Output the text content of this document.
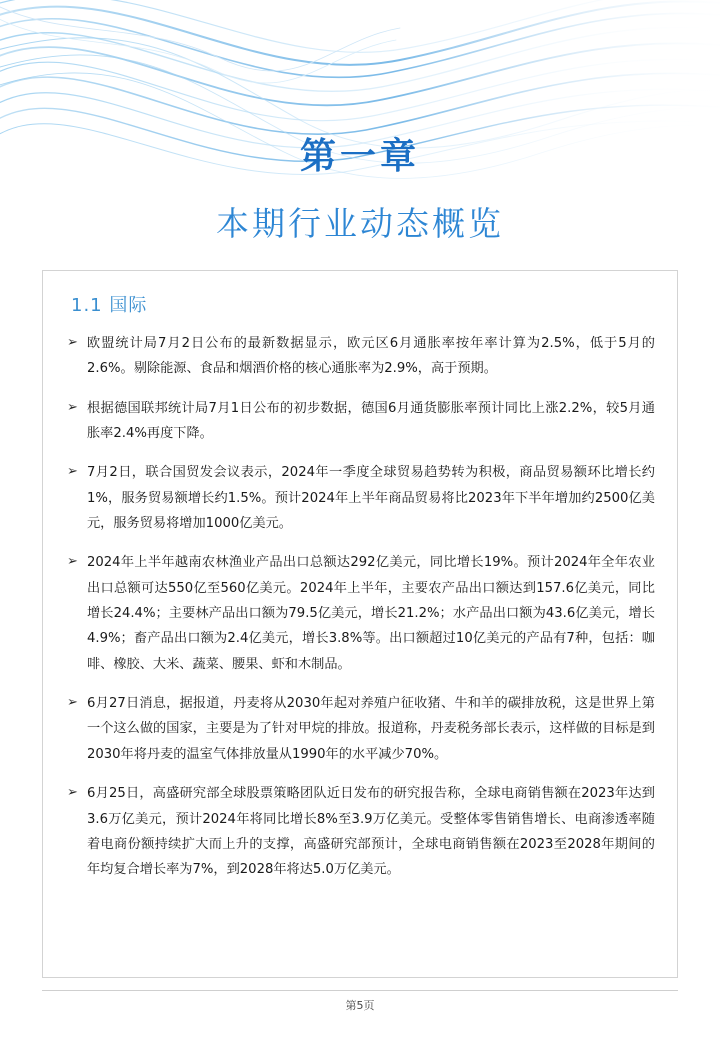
第一章
本期行业动态概览
1.1 国际
➢ 欧盟统计局7月2日公布的最新数据显示，欧元区6月通胀率按年率计算为2.5%，低于5月的2.6%。剔除能源、食品和烟酒价格的核心通胀率为2.9%，高于预期。
➢ 根据德国联邦统计局7月1日公布的初步数据，德国6月通货膨胀率预计同比上涨2.2%，较5月通胀率2.4%再度下降。
➢ 7月2日，联合国贸发会议表示，2024年一季度全球贸易趋势转为积极，商品贸易额环比增长约1%，服务贸易额增长约1.5%。预计2024年上半年商品贸易将比2023年下半年增加约2500亿美元，服务贸易将增加1000亿美元。
➢ 2024年上半年越南农林渔业产品出口总额达292亿美元，同比增长19%。预计2024年全年农业出口总额可达550亿至560亿美元。2024年上半年，主要农产品出口额达到157.6亿美元，同比增长24.4%；主要林产品出口额为79.5亿美元，增长21.2%；水产品出口额为43.6亿美元，增长4.9%；畜产品出口额为2.4亿美元，增长3.8%等。出口额超过10亿美元的产品有7种，包括：咖啡、橡胶、大米、蔬菜、腰果、虾和木制品。
➢ 6月27日消息，据报道，丹麦将从2030年起对养殖户征收猪、牛和羊的碳排放税，这是世界上第一个这么做的国家，主要是为了针对甲烷的排放。报道称，丹麦税务部长表示，这样做的目标是到2030年将丹麦的温室气体排放量从1990年的水平减少70%。
➢ 6月25日，高盛研究部全球股票策略团队近日发布的研究报告称，全球电商销售额在2023年达到3.6万亿美元，预计2024年将同比增长8%至3.9万亿美元。受整体零售销售增长、电商渗透率随着电商份额持续扩大而上升的支撑，高盛研究部预计，全球电商销售额在2023至2028年期间的年均复合增长率为7%，到2028年将达5.0万亿美元。
第5页
